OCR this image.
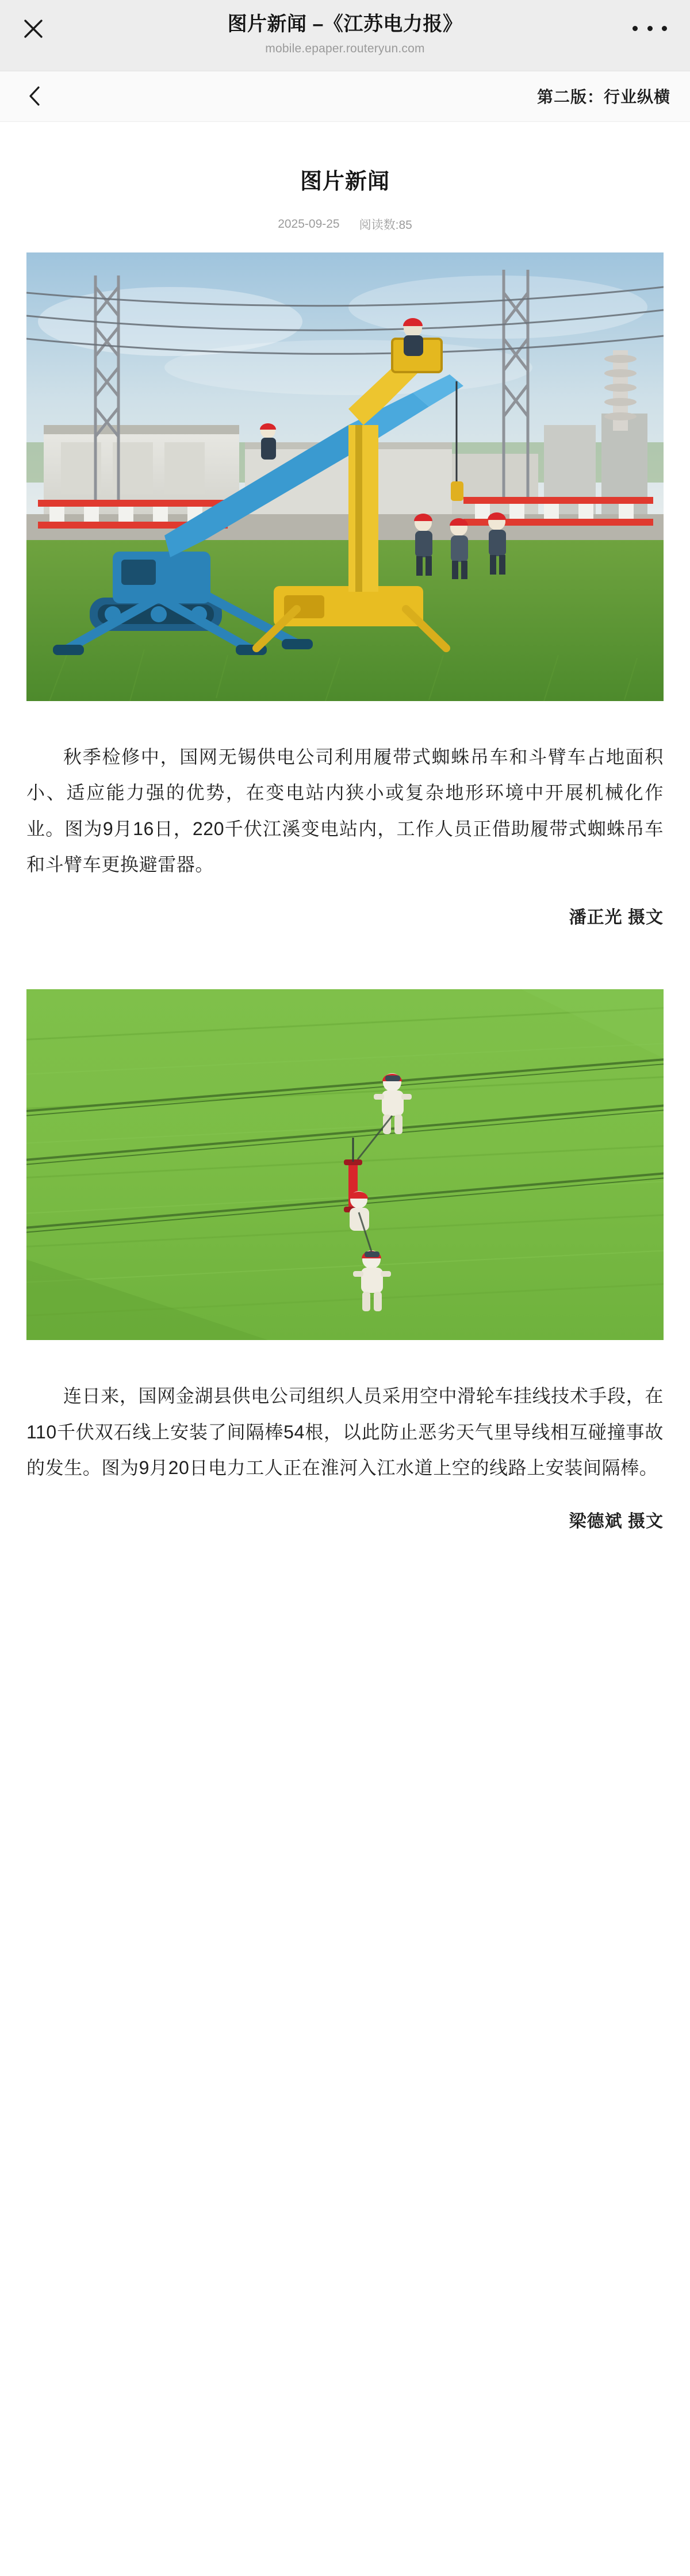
图片新闻 –《江苏电力报》
mobile.epaper.routeryun.com
第二版：行业纵横
图片新闻
2025-09-25 阅读数:85

秋季检修中，国网无锡供电公司利用履带式蜘蛛吊车和斗臂车占地面积小、适应能力强的优势，在变电站内狭小或复杂地形环境中开展机械化作业。图为9月16日，220千伏江溪变电站内，工作人员正借助履带式蜘蛛吊车和斗臂车更换避雷器。

潘正光 摄文

连日来，国网金湖县供电公司组织人员采用空中滑轮车挂线技术手段，在110千伏双石线上安装了间隔棒54根，以此防止恶劣天气里导线相互碰撞事故的发生。图为9月20日电力工人正在淮河入江水道上空的线路上安装间隔棒。

梁德斌 摄文
